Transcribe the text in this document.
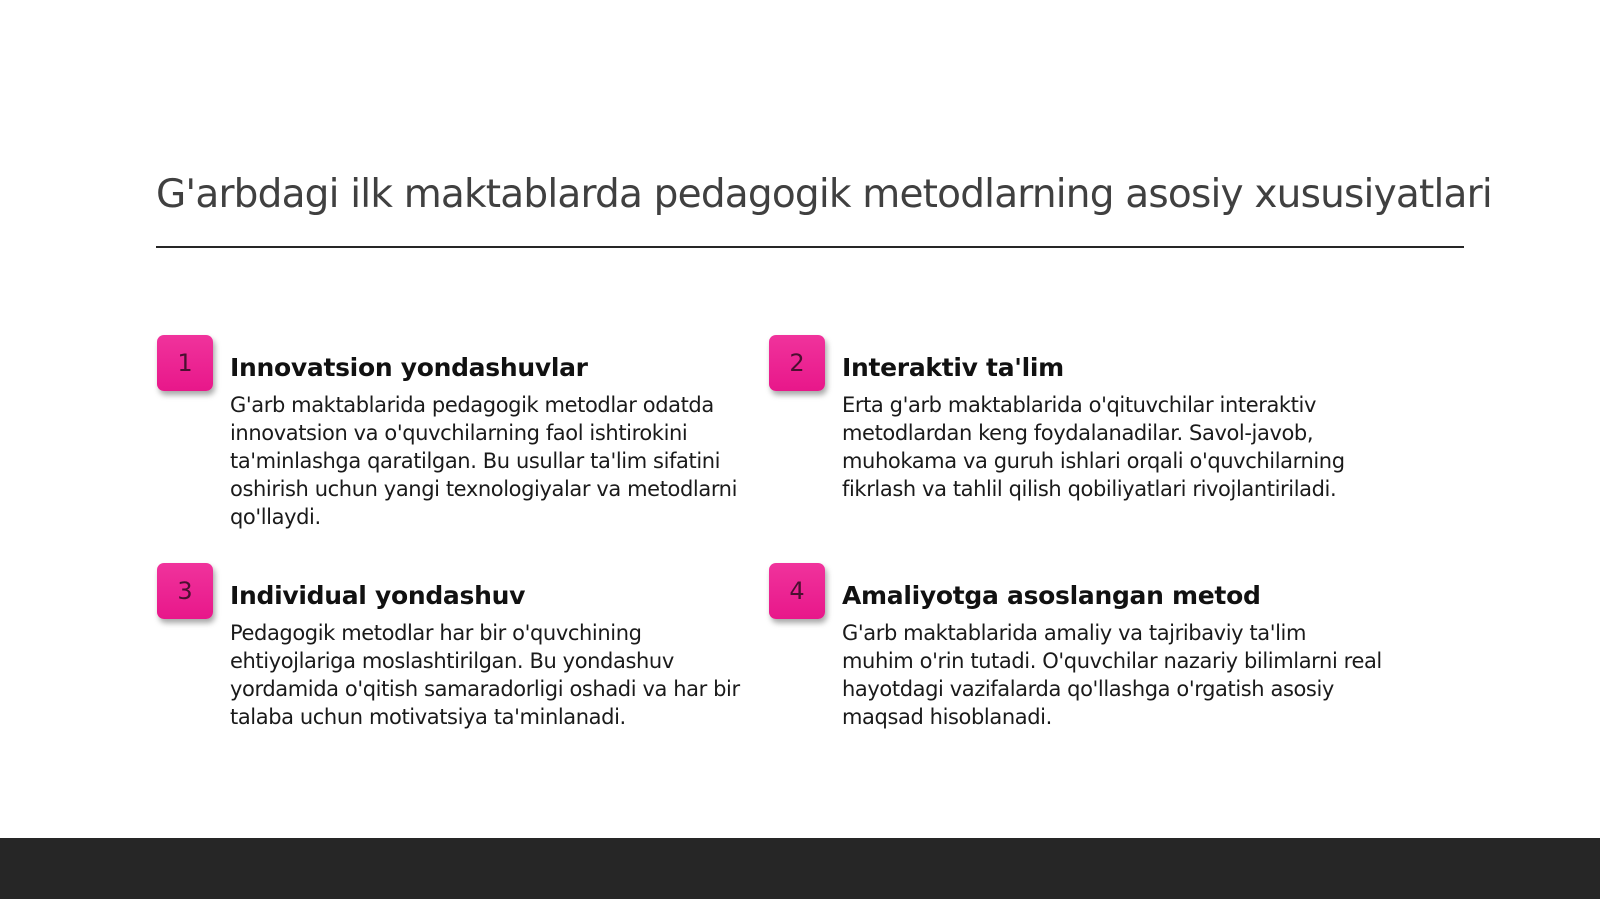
G'arbdagi ilk maktablarda pedagogik metodlarning asosiy xususiyatlari
1	Innovatsion yondashuvlar

G'arb maktablarida pedagogik metodlar odatda innovatsion va o'quvchilarning faol ishtirokini ta'minlashga qaratilgan. Bu usullar ta'lim sifatini oshirish uchun yangi texnologiyalar va metodlarni qo'llaydi.

2	Interaktiv ta'lim

Erta g'arb maktablarida o'qituvchilar interaktiv metodlardan keng foydalanadilar. Savol-javob, muhokama va guruh ishlari orqali o'quvchilarning fikrlash va tahlil qilish qobiliyatlari rivojlantiriladi.

3	Individual yondashuv

Pedagogik metodlar har bir o'quvchining ehtiyojlariga moslashtirilgan. Bu yondashuv yordamida o'qitish samaradorligi oshadi va har bir talaba uchun motivatsiya ta'minlanadi.

4	Amaliyotga asoslangan metod

G'arb maktablarida amaliy va tajribaviy ta'lim muhim o'rin tutadi. O'quvchilar nazariy bilimlarni real hayotdagi vazifalarda qo'llashga o'rgatish asosiy maqsad hisoblanadi.
